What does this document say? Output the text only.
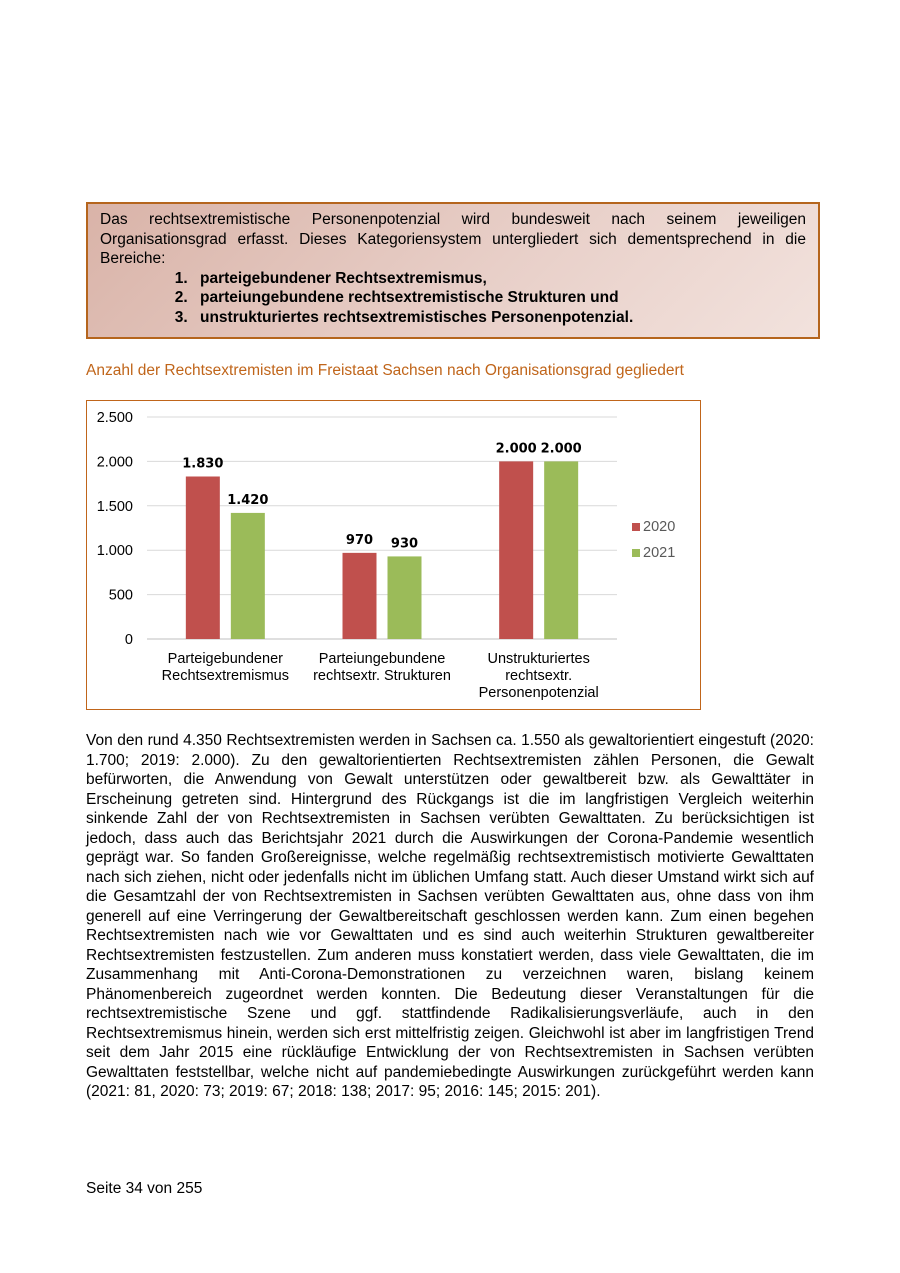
Das rechtsextremistische Personenpotenzial wird bundesweit nach seinem jeweiligen Organisationsgrad erfasst. Dieses Kategoriensystem untergliedert sich dementsprechend in die Bereiche:

1. parteigebundener Rechtsextremismus,
2. parteiungebundene rechtsextremistische Strukturen und
3. unstrukturiertes rechtsextremistisches Personenpotenzial.
Anzahl der Rechtsextremisten im Freistaat Sachsen nach Organisationsgrad gegliedert
0
500
1.000
1.500
2.000
2.500
1.830
1.420
Parteigebundener
Rechtsextremismus
970 930
Parteiungebundene
rechtsextr. Strukturen
2.000 2.000
Unstrukturiertes
rechtsextr.
Personenpotenzial
2020
2021

Von den rund 4.350 Rechtsextremisten werden in Sachsen ca. 1.550 als gewaltorientiert eingestuft (2020: 1.700; 2019: 2.000). Zu den gewaltorientierten Rechtsextremisten zählen Personen, die Gewalt befürworten, die Anwendung von Gewalt unterstützen oder gewaltbereit bzw. als Gewalttäter in Erscheinung getreten sind. Hintergrund des Rückgangs ist die im langfristigen Vergleich weiterhin sinkende Zahl der von Rechtsextremisten in Sachsen verübten Gewalttaten. Zu berücksichtigen ist jedoch, dass auch das Berichtsjahr 2021 durch die Auswirkungen der Corona-Pandemie wesentlich geprägt war. So fanden Großereignisse, welche regelmäßig rechtsextremistisch motivierte Gewalttaten nach sich ziehen, nicht oder jedenfalls nicht im üblichen Umfang statt. Auch dieser Umstand wirkt sich auf die Gesamtzahl der von Rechtsextremisten in Sachsen verübten Gewalttaten aus, ohne dass von ihm generell auf eine Verringerung der Gewaltbereitschaft geschlossen werden kann. Zum einen begehen Rechtsextremisten nach wie vor Gewalttaten und es sind auch weiterhin Strukturen gewaltbereiter Rechtsextremisten festzustellen. Zum anderen muss konstatiert werden, dass viele Gewalttaten, die im Zusammenhang mit Anti-Corona-Demonstrationen zu verzeichnen waren, bislang keinem Phänomenbereich zugeordnet werden konnten. Die Bedeutung dieser Veranstaltungen für die rechtsextremistische Szene und ggf. stattfindende Radikalisierungsverläufe, auch in den Rechtsextremismus hinein, werden sich erst mittelfristig zeigen. Gleichwohl ist aber im langfristigen Trend seit dem Jahr 2015 eine rückläufige Entwicklung der von Rechtsextremisten in Sachsen verübten Gewalttaten feststellbar, welche nicht auf pandemiebedingte Auswirkungen zurückgeführt werden kann (2021: 81, 2020: 73; 2019: 67; 2018: 138; 2017: 95; 2016: 145; 2015: 201).

Seite 34 von 255
